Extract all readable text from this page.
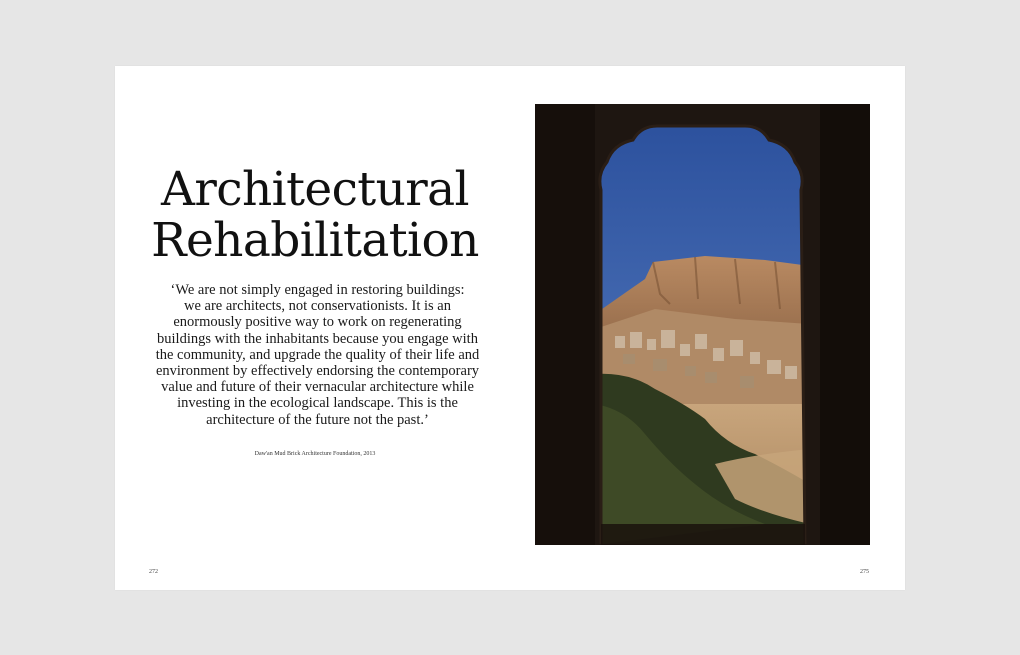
Architectural
Rehabilitation
‘We are not simply engaged in restoring buildings:
we are architects, not conservationists. It is an
enormously positive way to work on regenerating
buildings with the inhabitants because you engage with
the community, and upgrade the quality of their life and
environment by effectively endorsing the contemporary
value and future of their vernacular architecture while
investing in the ecological landscape. This is the
architecture of the future not the past.’
Daw'an Mud Brick Architecture Foundation, 2013
272	275
